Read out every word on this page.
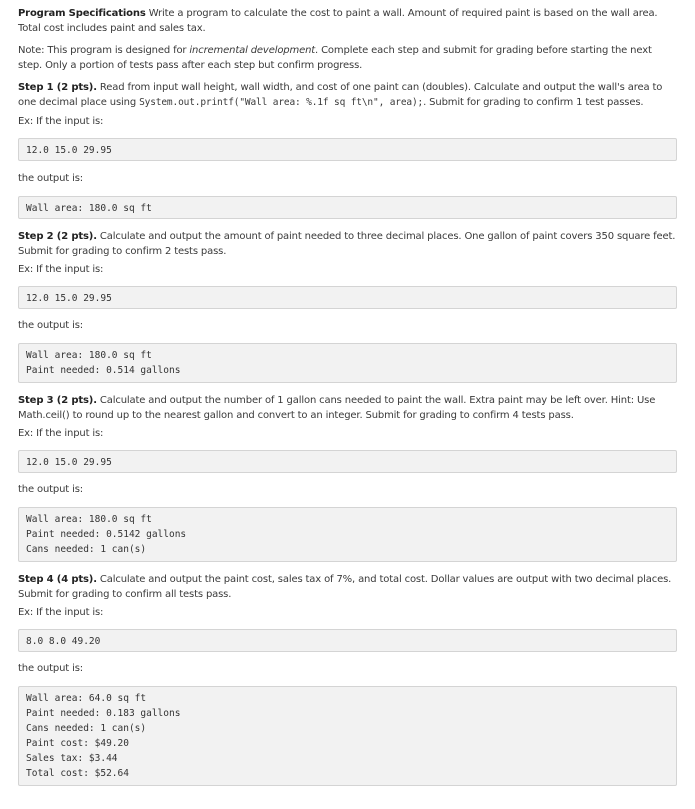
Program Specifications Write a program to calculate the cost to paint a wall. Amount of required paint is based on the wall area. Total cost includes paint and sales tax.

Note: This program is designed for incremental development. Complete each step and submit for grading before starting the next step. Only a portion of tests pass after each step but confirm progress.

Step 1 (2 pts). Read from input wall height, wall width, and cost of one paint can (doubles). Calculate and output the wall's area to one decimal place using System.out.printf("Wall area: %.1f sq ft\n", area);. Submit for grading to confirm 1 test passes.

Ex: If the input is:

12.0 15.0 29.95

the output is:

Wall area: 180.0 sq ft

Step 2 (2 pts). Calculate and output the amount of paint needed to three decimal places. One gallon of paint covers 350 square feet. Submit for grading to confirm 2 tests pass.

Ex: If the input is:

12.0 15.0 29.95

the output is:

Wall area: 180.0 sq ft
Paint needed: 0.514 gallons

Step 3 (2 pts). Calculate and output the number of 1 gallon cans needed to paint the wall. Extra paint may be left over. Hint: Use Math.ceil() to round up to the nearest gallon and convert to an integer. Submit for grading to confirm 4 tests pass.

Ex: If the input is:

12.0 15.0 29.95

the output is:

Wall area: 180.0 sq ft
Paint needed: 0.5142 gallons
Cans needed: 1 can(s)

Step 4 (4 pts). Calculate and output the paint cost, sales tax of 7%, and total cost. Dollar values are output with two decimal places. Submit for grading to confirm all tests pass.

Ex: If the input is:

8.0 8.0 49.20

the output is:

Wall area: 64.0 sq ft
Paint needed: 0.183 gallons
Cans needed: 1 can(s)
Paint cost: $49.20
Sales tax: $3.44
Total cost: $52.64
